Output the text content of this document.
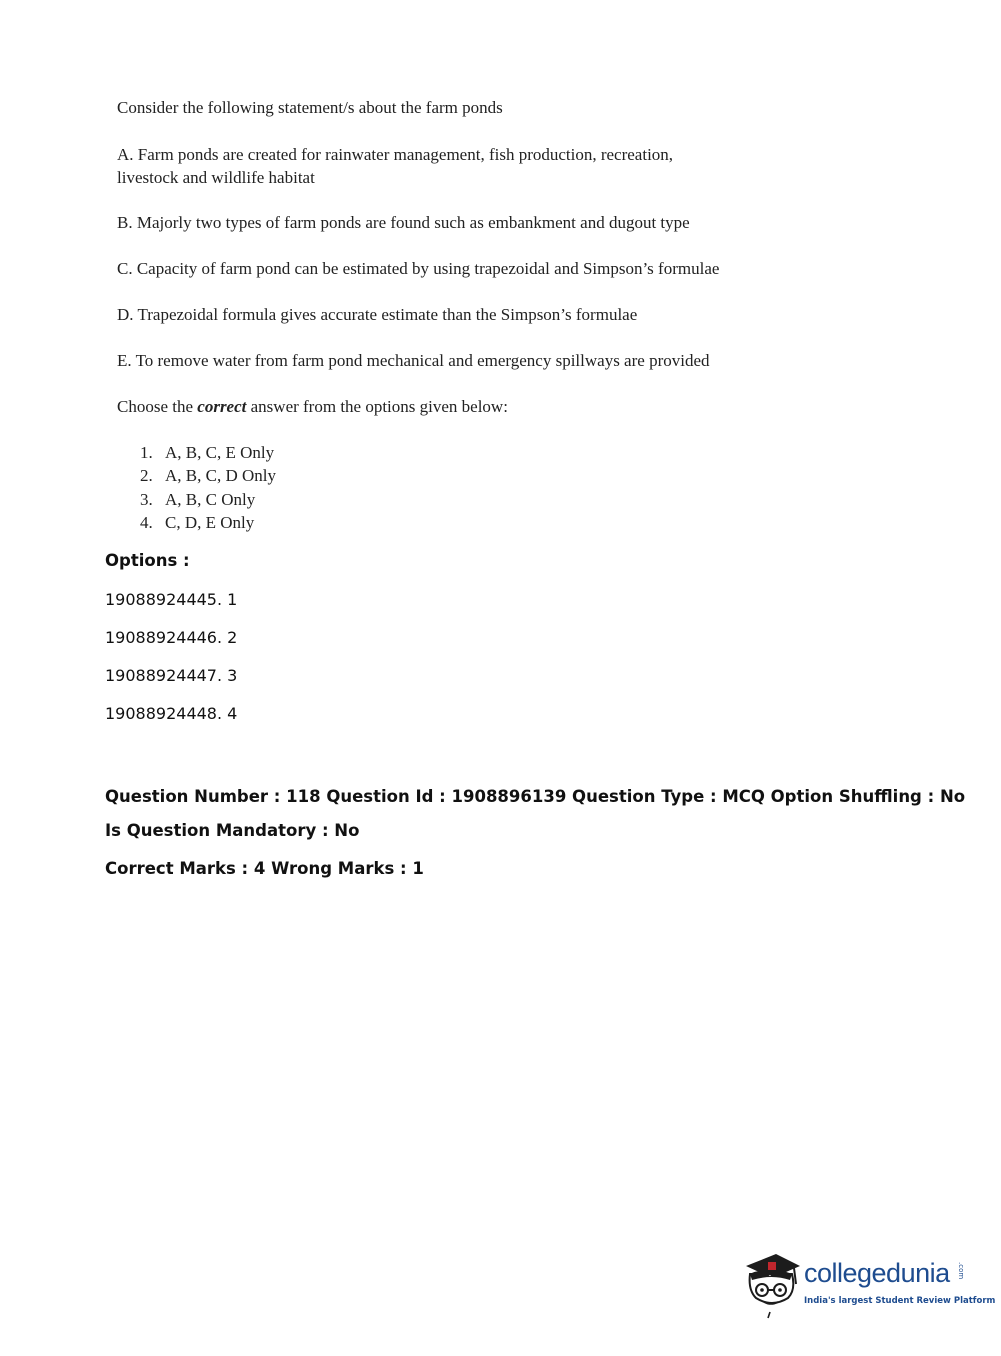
Consider the following statement/s about the farm ponds

A. Farm ponds are created for rainwater management, fish production, recreation, livestock and wildlife habitat

B. Majorly two types of farm ponds are found such as embankment and dugout type

C. Capacity of farm pond can be estimated by using trapezoidal and Simpson’s formulae

D. Trapezoidal formula gives accurate estimate than the Simpson’s formulae

E. To remove water from farm pond mechanical and emergency spillways are provided

Choose the correct answer from the options given below:

1. A, B, C, E Only
2. A, B, C, D Only
3. A, B, C Only
4. C, D, E Only
Options :
19088924445. 1
19088924446. 2
19088924447. 3
19088924448. 4
Question Number : 118 Question Id : 1908896139 Question Type : MCQ Option Shuffling : No
Is Question Mandatory : No
Correct Marks : 4 Wrong Marks : 1
collegedunia .com
India's largest Student Review Platform
